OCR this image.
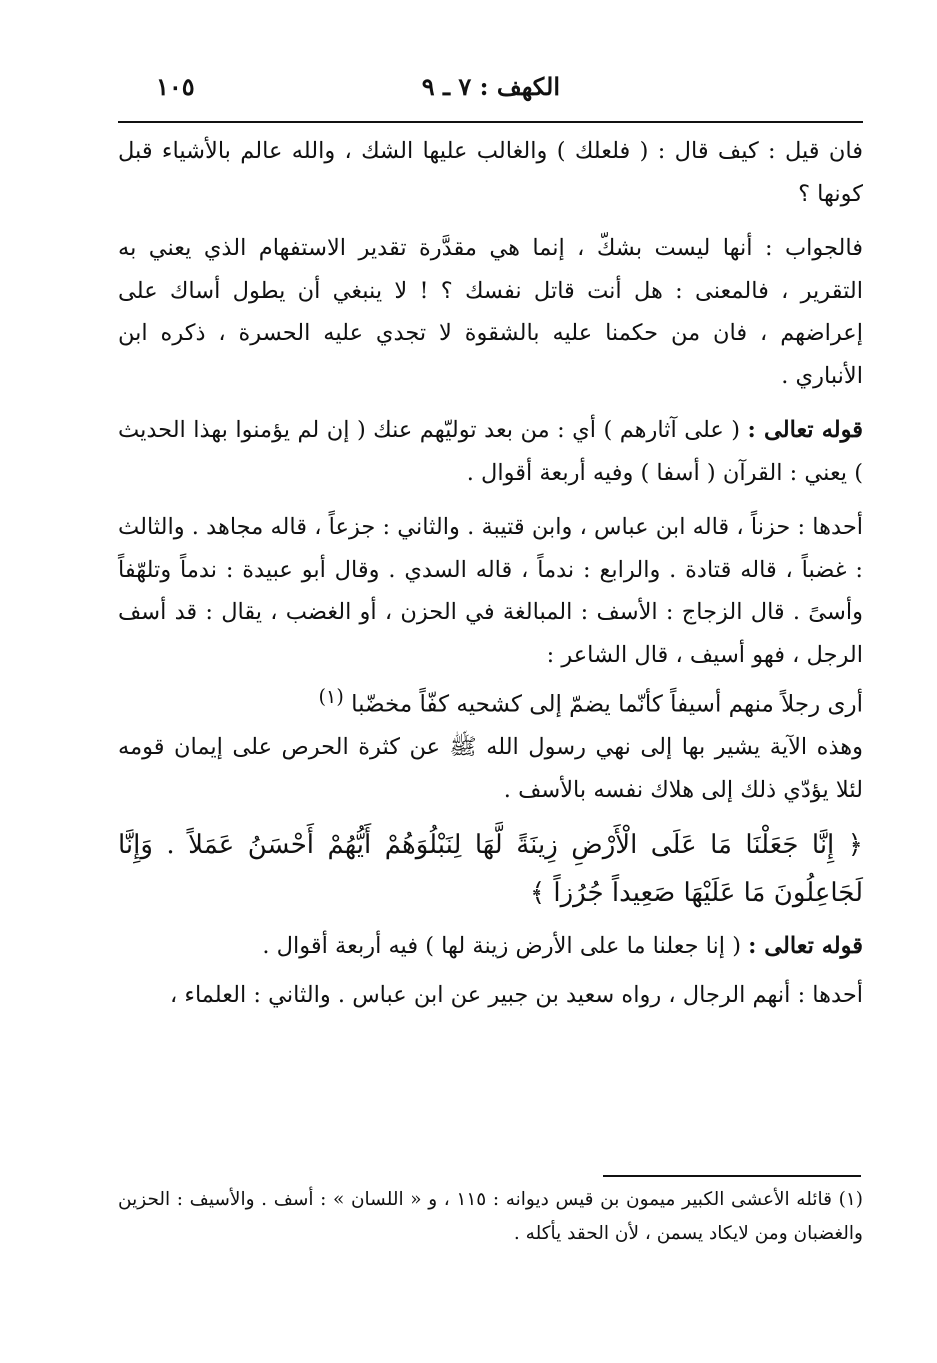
الكهف : ٧ ـ ٩
١٠٥

فان قيل : كيف قال : ( فلعلك ) والغالب عليها الشك ، والله عالم بالأشياء قبل كونها ؟

فالجواب : أنها ليست بشكّ ، إنما هي مقدَّرة تقدير الاستفهام الذي يعني به التقرير ، فالمعنى : هل أنت قاتل نفسك ؟ ! لا ينبغي أن يطول أساك على إعراضهم ، فان من حكمنا عليه بالشقوة لا تجدي عليه الحسرة ، ذكره ابن الأنباري .

قوله تعالى : ( على آثارهم ) أي : من بعد توليّهم عنك ( إن لم يؤمنوا بهذا الحديث ) يعني : القرآن ( أسفا ) وفيه أربعة أقوال .

أحدها : حزناً ، قاله ابن عباس ، وابن قتيبة . والثاني : جزعاً ، قاله مجاهد . والثالث : غضباً ، قاله قتادة . والرابع : ندماً ، قاله السدي . وقال أبو عبيدة : ندماً وتلهّفاً وأسىً . قال الزجاج : الأسف : المبالغة في الحزن ، أو الغضب ، يقال : قد أسف الرجل ، فهو أسيف ، قال الشاعر :

أرى رجلاً منهم أسيفاً كأنّما يضمّ إلى كشحيه كفّاً مخضّبا $^{(١)}$

وهذه الآية يشير بها إلى نهي رسول الله ﷺ عن كثرة الحرص على إيمان قومه لئلا يؤدّي ذلك إلى هلاك نفسه بالأسف .

﴿ إِنَّا جَعَلْنَا مَا عَلَى الْأَرْضِ زِينَةً لَّهَا لِنَبْلُوَهُمْ أَيُّهُمْ أَحْسَنُ عَمَلاً . وَإِنَّا لَجَاعِلُونَ مَا عَلَيْهَا صَعِيداً جُرُزاً ﴾

قوله تعالى : ( إنا جعلنا ما على الأرض زينة لها ) فيه أربعة أقوال .

أحدها : أنهم الرجال ، رواه سعيد بن جبير عن ابن عباس . والثاني : العلماء ،

(١) قائله الأعشى الكبير ميمون بن قيس ديوانه : ١١٥ ، و « اللسان » : أسف . والأسيف : الحزين والغضبان ومن لايكاد يسمن ، لأن الحقد يأكله .
